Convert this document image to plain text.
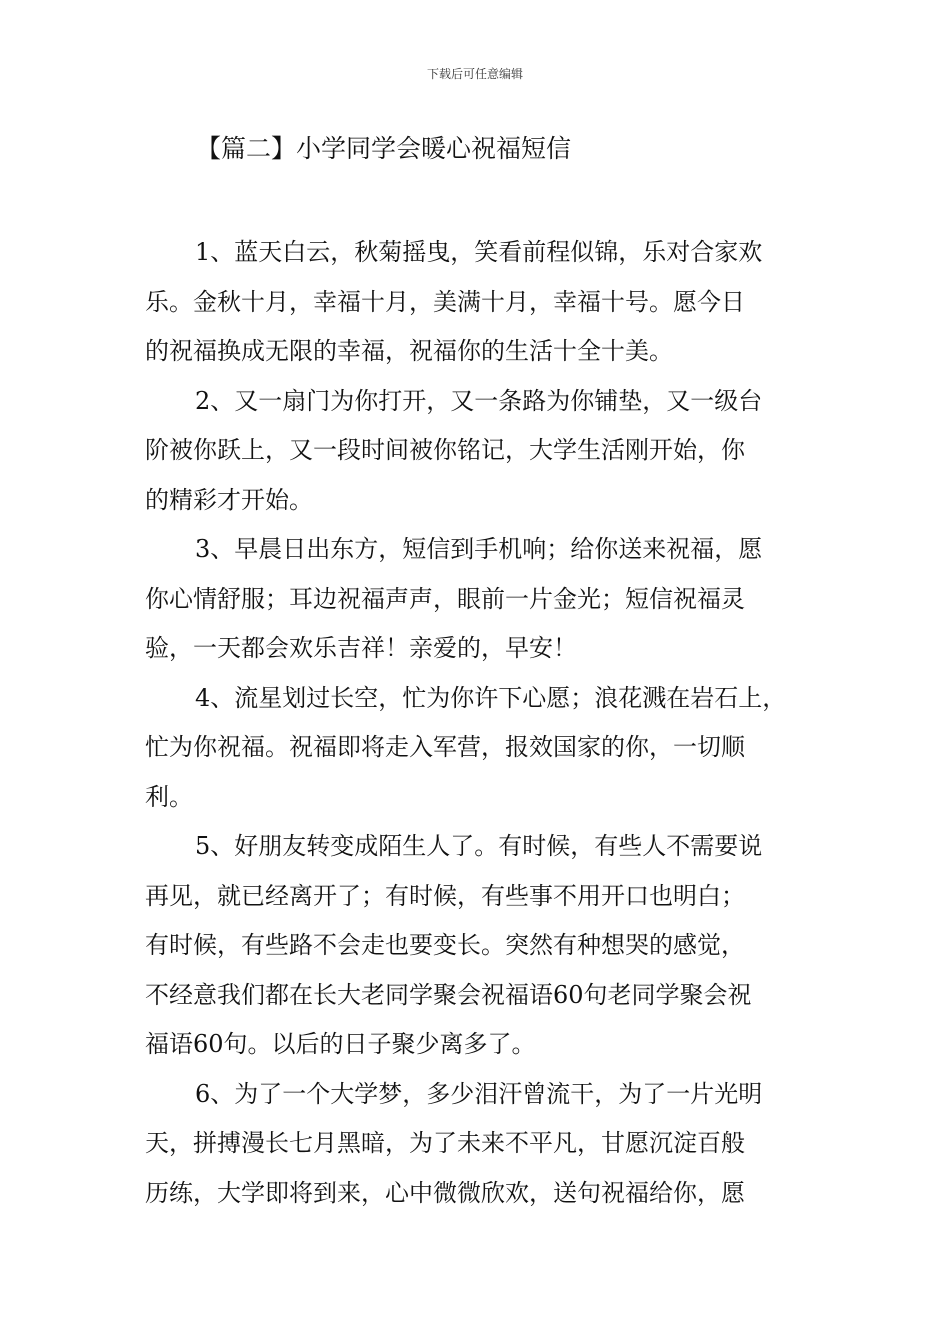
下载后可任意编辑
【篇二】小学同学会暖心祝福短信

1、蓝天白云，秋菊摇曳，笑看前程似锦，乐对合家欢
乐。金秋十月，幸福十月，美满十月，幸福十号。愿今日
的祝福换成无限的幸福，祝福你的生活十全十美。

2、又一扇门为你打开，又一条路为你铺垫，又一级台
阶被你跃上，又一段时间被你铭记，大学生活刚开始，你
的精彩才开始。

3、早晨日出东方，短信到手机响；给你送来祝福，愿
你心情舒服；耳边祝福声声，眼前一片金光；短信祝福灵
验，一天都会欢乐吉祥！亲爱的，早安！

4、流星划过长空，忙为你许下心愿；浪花溅在岩石上，
忙为你祝福。祝福即将走入军营，报效国家的你，一切顺
利。

5、好朋友转变成陌生人了。有时候，有些人不需要说
再见，就已经离开了；有时候，有些事不用开口也明白；
有时候，有些路不会走也要变长。突然有种想哭的感觉，
不经意我们都在长大老同学聚会祝福语60句老同学聚会祝
福语60句。以后的日子聚少离多了。

6、为了一个大学梦，多少泪汗曾流干，为了一片光明
天，拼搏漫长七月黑暗，为了未来不平凡，甘愿沉淀百般
历练，大学即将到来，心中微微欣欢，送句祝福给你，愿
